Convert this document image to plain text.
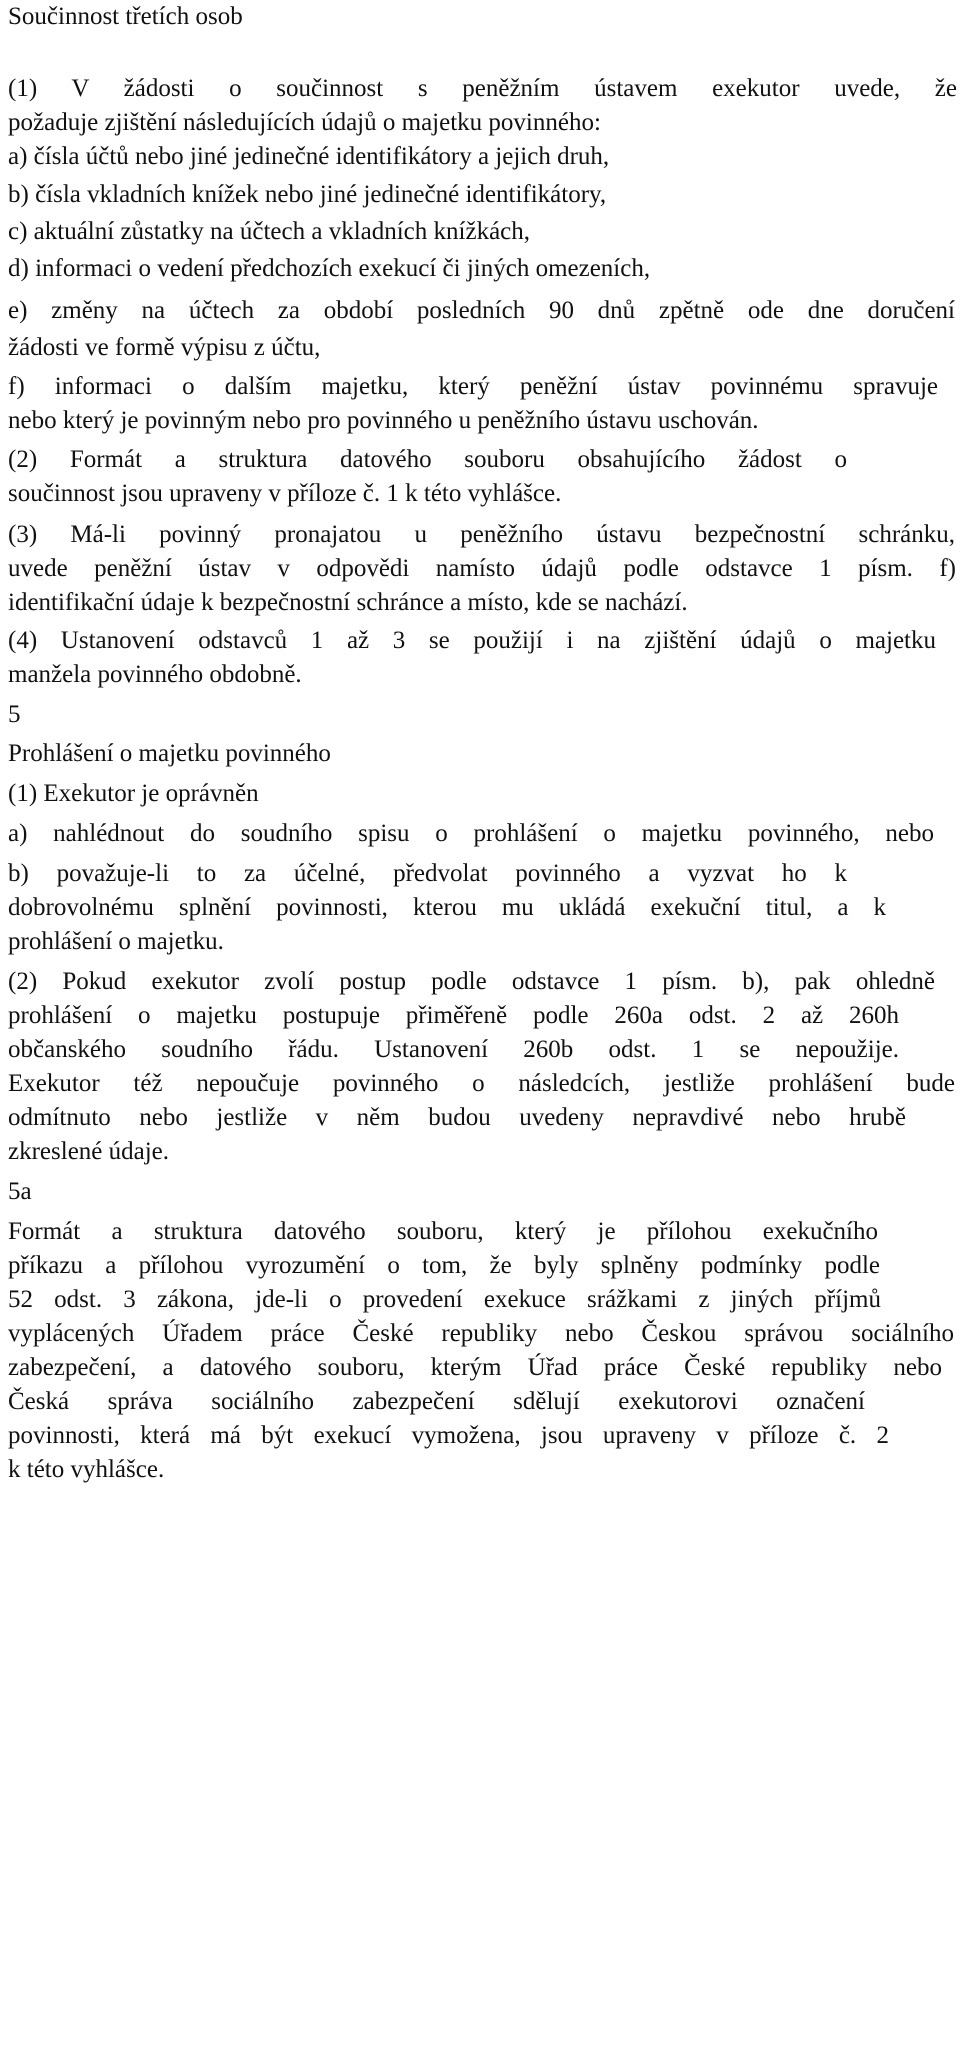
Součinnost třetích osob

(1) V žádosti o součinnost s peněžním ústavem exekutor uvede, že

požaduje zjištění následujících údajů o majetku povinného:

a) čísla účtů nebo jiné jedinečné identifikátory a jejich druh,

b) čísla vkladních knížek nebo jiné jedinečné identifikátory,

c) aktuální zůstatky na účtech a vkladních knížkách,

d) informaci o vedení předchozích exekucí či jiných omezeních,

e) změny na účtech za období posledních 90 dnů zpětně ode dne doručení

žádosti ve formě výpisu z účtu,

f) informaci o dalším majetku, který peněžní ústav povinnému spravuje

nebo který je povinným nebo pro povinného u peněžního ústavu uschován.

(2) Formát a struktura datového souboru obsahujícího žádost o

součinnost jsou upraveny v příloze č. 1 k této vyhlášce.

(3) Má-li povinný pronajatou u peněžního ústavu bezpečnostní schránku,

uvede peněžní ústav v odpovědi namísto údajů podle odstavce 1 písm. f)

identifikační údaje k bezpečnostní schránce a místo, kde se nachází.

(4) Ustanovení odstavců 1 až 3 se použijí i na zjištění údajů o majetku

manžela povinného obdobně.

5

Prohlášení o majetku povinného

(1) Exekutor je oprávněn

a) nahlédnout do soudního spisu o prohlášení o majetku povinného, nebo

b) považuje-li to za účelné, předvolat povinného a vyzvat ho k

dobrovolnému splnění povinnosti, kterou mu ukládá exekuční titul, a k

prohlášení o majetku.

(2) Pokud exekutor zvolí postup podle odstavce 1 písm. b), pak ohledně

prohlášení o majetku postupuje přiměřeně podle 260a odst. 2 až 260h

občanského soudního řádu. Ustanovení 260b odst. 1 se nepoužije.

Exekutor též nepoučuje povinného o následcích, jestliže prohlášení bude

odmítnuto nebo jestliže v něm budou uvedeny nepravdivé nebo hrubě

zkreslené údaje.

5a

Formát a struktura datového souboru, který je přílohou exekučního

příkazu a přílohou vyrozumění o tom, že byly splněny podmínky podle

52 odst. 3 zákona, jde-li o provedení exekuce srážkami z jiných příjmů

vyplácených Úřadem práce České republiky nebo Českou správou sociálního

zabezpečení, a datového souboru, kterým Úřad práce České republiky nebo

Česká správa sociálního zabezpečení sdělují exekutorovi označení

povinnosti, která má být exekucí vymožena, jsou upraveny v příloze č. 2

k této vyhlášce.
